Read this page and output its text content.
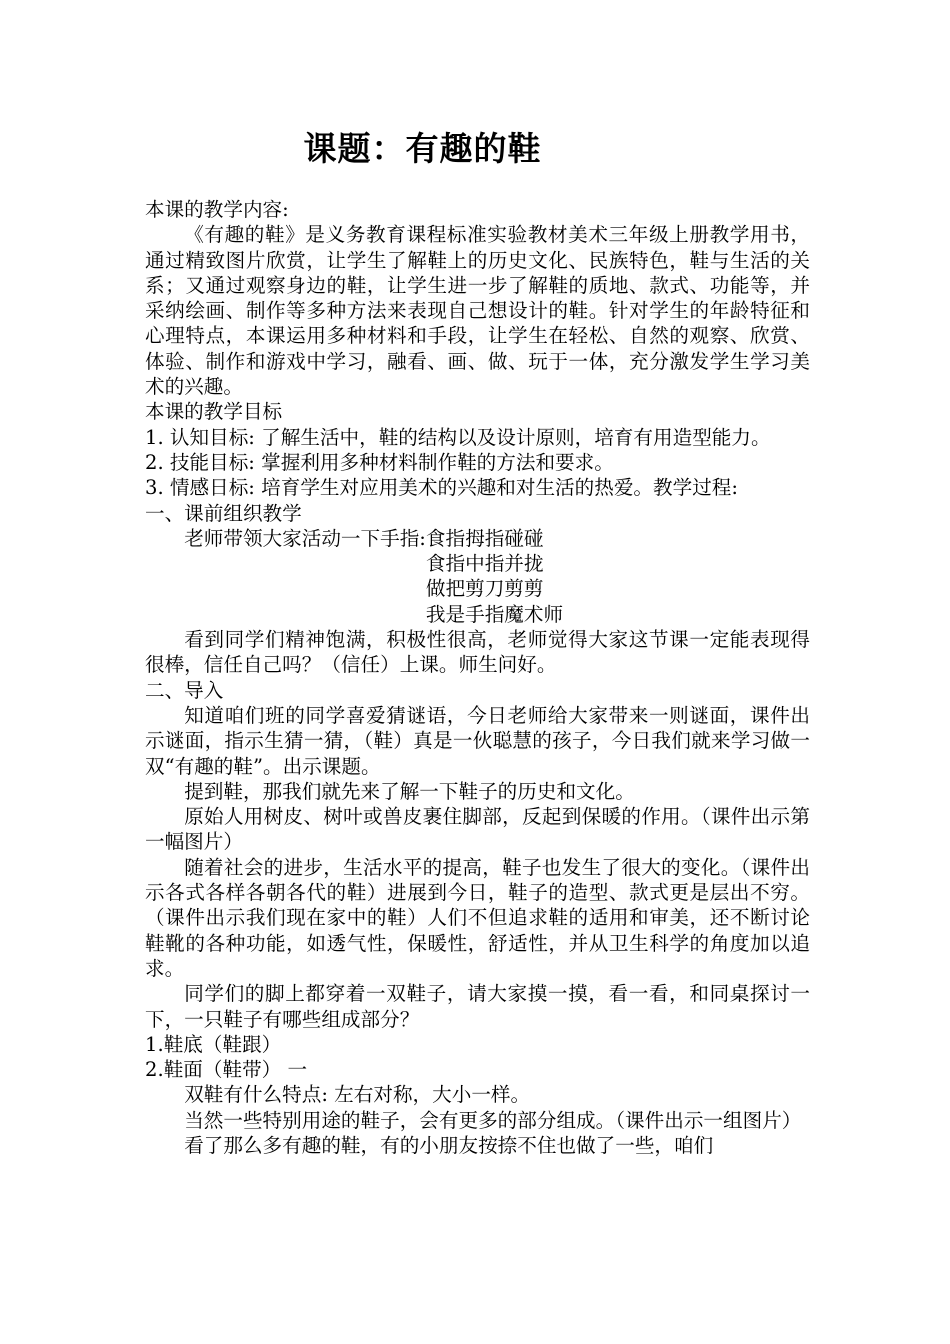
课题：有趣的鞋

本课的教学内容:

《有趣的鞋》是义务教育课程标准实验教材美术三年级上册教学用书，通过精致图片欣赏，让学生了解鞋上的历史文化、民族特色，鞋与生活的关系；又通过观察身边的鞋，让学生进一步了解鞋的质地、款式、功能等，并采纳绘画、制作等多种方法来表现自己想设计的鞋。针对学生的年龄特征和心理特点，本课运用多种材料和手段，让学生在轻松、自然的观察、欣赏、体验、制作和游戏中学习，融看、画、做、玩于一体，充分激发学生学习美术的兴趣。

本课的教学目标

1. 认知目标: 了解生活中，鞋的结构以及设计原则，培育有用造型能力。

2. 技能目标: 掌握利用多种材料制作鞋的方法和要求。

3. 情感日标: 培育学生对应用美术的兴趣和对生活的热爱。教学过程:

一、课前组织教学

老师带领大家活动一下手指: 食指拇指碰碰
食指中指并拢
做把剪刀剪剪
我是手指魔术师

看到同学们精神饱满，积极性很高，老师觉得大家这节课一定能表现得很棒，信任自己吗？（信任）上课。师生问好。

二、导入

知道咱们班的同学喜爱猜谜语，今日老师给大家带来一则谜面，课件出示谜面，指示生猜一猜，（鞋）真是一伙聪慧的孩子，今日我们就来学习做一双“有趣的鞋”。出示课题。

提到鞋，那我们就先来了解一下鞋子的历史和文化。

原始人用树皮、树叶或兽皮裹住脚部，反起到保暖的作用。（课件出示第一幅图片）

随着社会的进步，生活水平的提高，鞋子也发生了很大的变化。（课件出示各式各样各朝各代的鞋）进展到今日，鞋子的造型、款式更是层出不穷。（课件出示我们现在家中的鞋）人们不但追求鞋的适用和审美，还不断讨论鞋靴的各种功能，如透气性，保暖性，舒适性，并从卫生科学的角度加以追求。

同学们的脚上都穿着一双鞋子，请大家摸一摸，看一看，和同桌探讨一下，一只鞋子有哪些组成部分？

1.鞋底（鞋跟）

2.鞋面（鞋带） 一

双鞋有什么特点: 左右对称，大小一样。

当然一些特别用途的鞋子，会有更多的部分组成。（课件出示一组图片）

看了那么多有趣的鞋，有的小朋友按捺不住也做了一些，咱们
